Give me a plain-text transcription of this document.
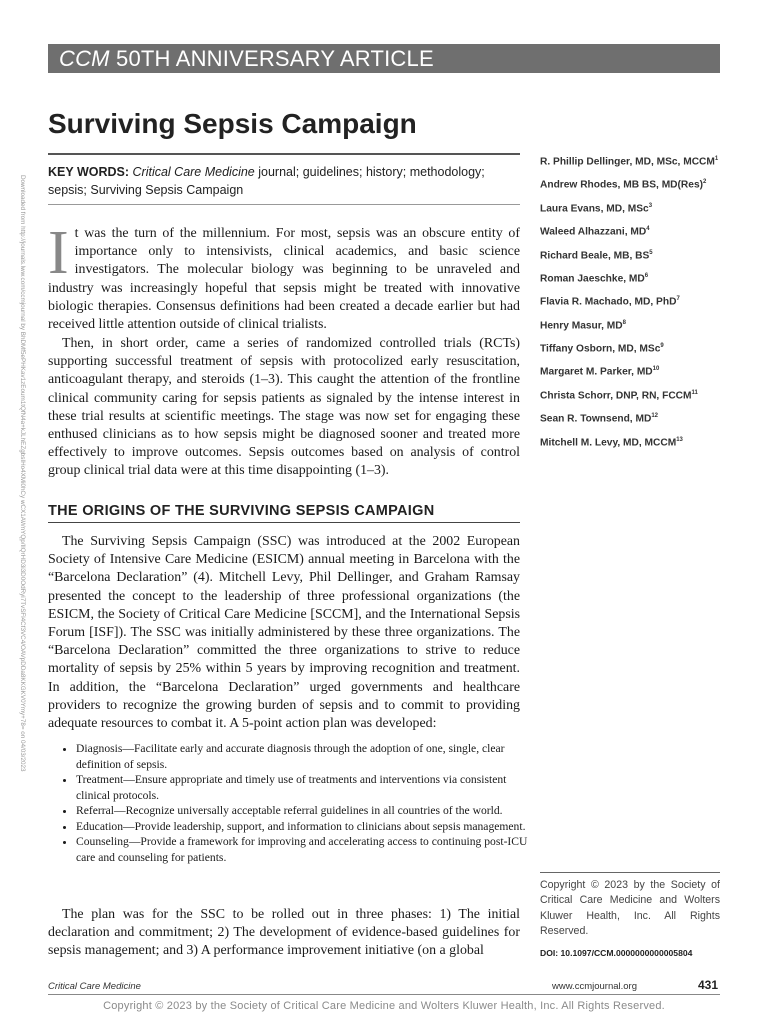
CCM 50TH ANNIVERSARY ARTICLE
Surviving Sepsis Campaign
KEY WORDS: Critical Care Medicine journal; guidelines; history; methodology; sepsis; Surviving Sepsis Campaign
Downloaded from http://journals.lww.com/ccmjournal by BhDMf5ePHKav1zEoum1tQfN4a+kJLhEZgbsIHo4XMi0hCy wCX1AWnYQp/IlQrHD3i3D0OdRyi7TvSFl4Cf3VC4/OAVpDDa8KKGKV0Ymy+78= on 04/03/2023 I t was the turn of the millennium. For most, sepsis was an obscure entity of importance only to intensivists, clinical academics, and basic science investigators. The molecular biology was beginning to be unraveled and industry was increasingly hopeful that sepsis might be treated with innovative biologic therapies. Consensus definitions had been created a decade earlier but had received little attention outside of clinical trialists.

Then, in short order, came a series of randomized controlled trials (RCTs) supporting successful treatment of sepsis with protocolized early resuscitation, anticoagulant therapy, and steroids (1–3). This caught the attention of the frontline clinical community caring for sepsis patients as signaled by the intense interest in these trial results at scientific meetings. The stage was now set for engaging these enthused clinicians as to how sepsis might be diagnosed sooner and treated more effectively to improve outcomes. Sepsis outcomes based on analysis of control group clinical trial data were at this time disappointing (1–3).

THE ORIGINS OF THE SURVIVING SEPSIS CAMPAIGN

The Surviving Sepsis Campaign (SSC) was introduced at the 2002 European Society of Intensive Care Medicine (ESICM) annual meeting in Barcelona with the “Barcelona Declaration” (4). Mitchell Levy, Phil Dellinger, and Graham Ramsay presented the concept to the leadership of three professional organizations (the ESICM, the Society of Critical Care Medicine [SCCM], and the International Sepsis Forum [ISF]). The SSC was initially administered by these three organizations. The “Barcelona Declaration” committed the three organizations to strive to reduce mortality of sepsis by 25% within 5 years by improving recognition and treatment. In addition, the “Barcelona Declaration” urged governments and healthcare providers to recognize the growing burden of sepsis and to commit to providing adequate resources to combat it. A 5-point action plan was developed:

• Diagnosis—Facilitate early and accurate diagnosis through the adoption of one, single, clear definition of sepsis.
• Treatment—Ensure appropriate and timely use of treatments and interventions via consistent clinical protocols.
• Referral—Recognize universally acceptable referral guidelines in all countries of the world.
• Education—Provide leadership, support, and information to clinicians about sepsis management.
• Counseling—Provide a framework for improving and accelerating access to continuing post-ICU care and counseling for patients.

The plan was for the SSC to be rolled out in three phases: 1) The initial declaration and commitment; 2) The development of evidence-based guidelines for sepsis management; and 3) A performance improvement initiative (on a global

R. Phillip Dellinger, MD, MSc, MCCM$^1$
Andrew Rhodes, MB BS, MD(Res)$^2$
Laura Evans, MD, MSc$^3$
Waleed Alhazzani, $MD^4$
Richard Beale, MB, $BS^5$
Roman Jaeschke, $MD^6$
Flavia R. Machado, MD, PhD$^7$
Henry Masur, $MD^8$
Tiffany Osborn, MD, MSc$^9$
Margaret M. Parker, MD$^{10}$
Christa Schorr, DNP, RN, FCCM$^{11}$
Sean R. Townsend, MD$^{12}$
Mitchell M. Levy, MD, MCCM$^{13}$
Copyright © 2023 by the Society of Critical Care Medicine and Wolters Kluwer Health, Inc. All Rights Reserved.
DOI: 10.1097/CCM.0000000000005804
Critical Care Medicine	www.ccmjournal.org	431
Copyright © 2023 by the Society of Critical Care Medicine and Wolters Kluwer Health, Inc. All Rights Reserved.
